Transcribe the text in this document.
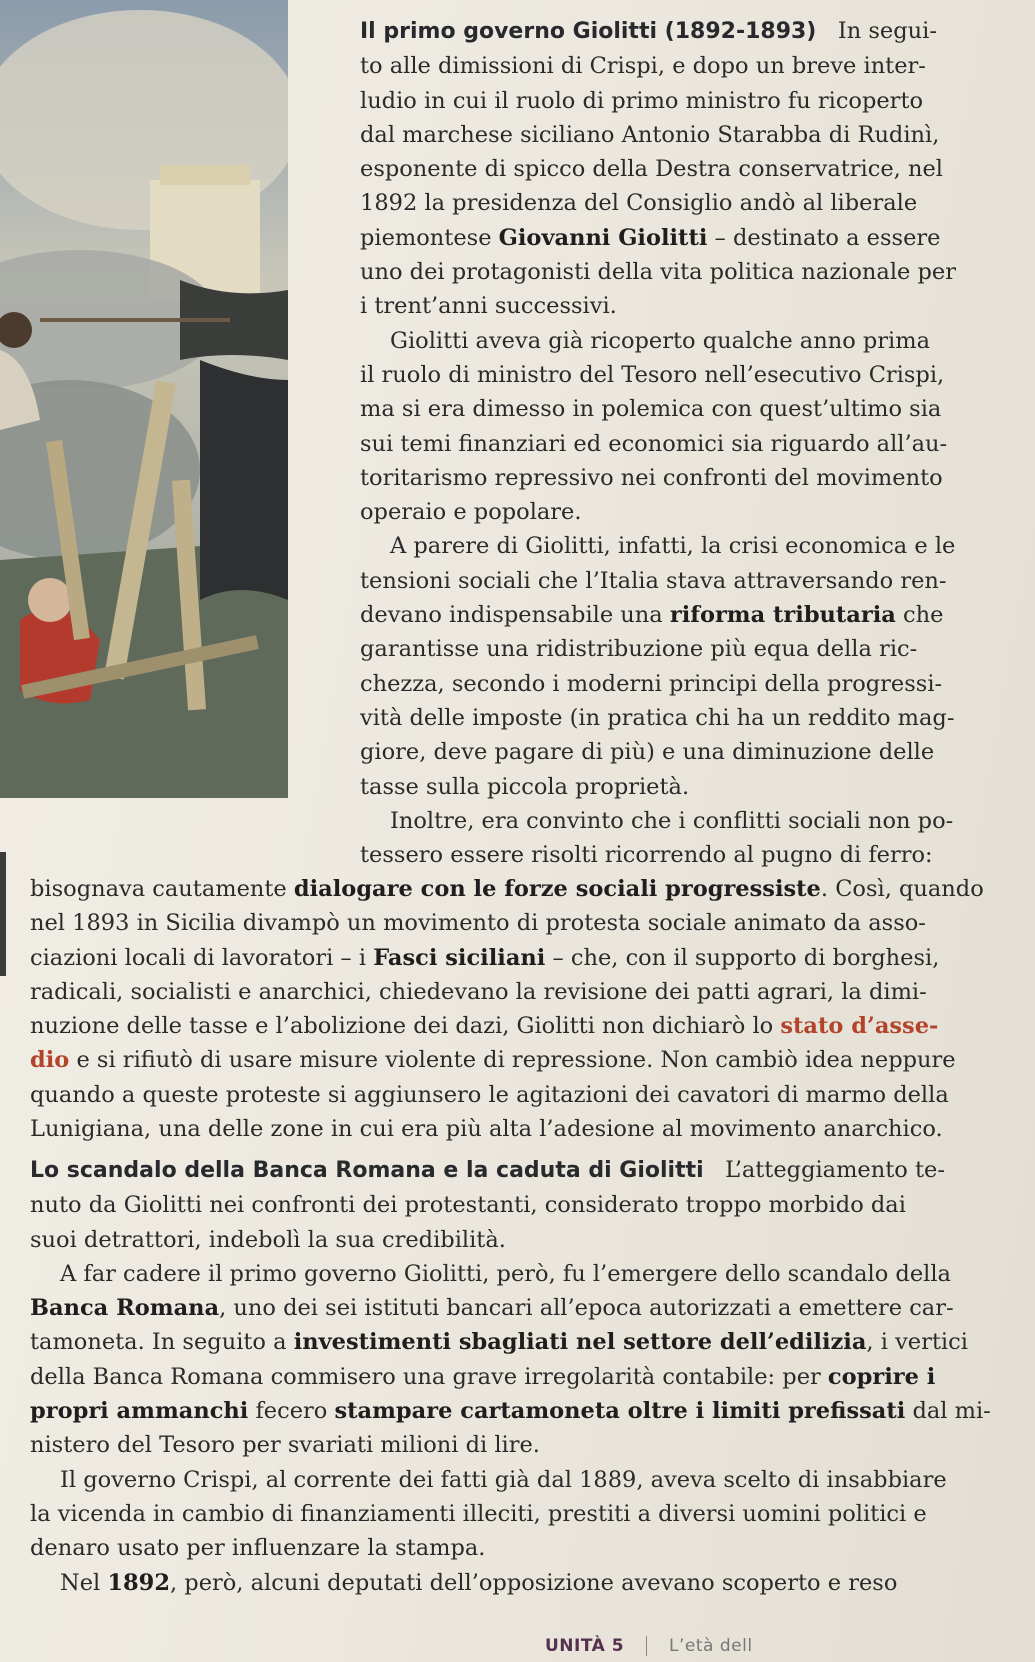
Il primo governo Giolitti (1892-1893) In segui-
to alle dimissioni di Crispi, e dopo un breve inter-
ludio in cui il ruolo di primo ministro fu ricoperto
dal marchese siciliano Antonio Starabba di Rudinì,
esponente di spicco della Destra conservatrice, nel
1892 la presidenza del Consiglio andò al liberale
piemontese Giovanni Giolitti – destinato a essere
uno dei protagonisti della vita politica nazionale per
i trent’anni successivi.
Giolitti aveva già ricoperto qualche anno prima
il ruolo di ministro del Tesoro nell’esecutivo Crispi,
ma si era dimesso in polemica con quest’ultimo sia
sui temi finanziari ed economici sia riguardo all’au-
toritarismo repressivo nei confronti del movimento
operaio e popolare.
A parere di Giolitti, infatti, la crisi economica e le
tensioni sociali che l’Italia stava attraversando ren-
devano indispensabile una riforma tributaria che
garantisse una ridistribuzione più equa della ric-
chezza, secondo i moderni principi della progressi-
vità delle imposte (in pratica chi ha un reddito mag-
giore, deve pagare di più) e una diminuzione delle
tasse sulla piccola proprietà.
Inoltre, era convinto che i conflitti sociali non po-
tessero essere risolti ricorrendo al pugno di ferro:

bisognava cautamente dialogare con le forze sociali progressiste. Così, quando
nel 1893 in Sicilia divampò un movimento di protesta sociale animato da asso-
ciazioni locali di lavoratori – i Fasci siciliani – che, con il supporto di borghesi,
radicali, socialisti e anarchici, chiedevano la revisione dei patti agrari, la dimi-
nuzione delle tasse e l’abolizione dei dazi, Giolitti non dichiarò lo stato d’asse-
dio e si rifiutò di usare misure violente di repressione. Non cambiò idea neppure
quando a queste proteste si aggiunsero le agitazioni dei cavatori di marmo della
Lunigiana, una delle zone in cui era più alta l’adesione al movimento anarchico.

Lo scandalo della Banca Romana e la caduta di Giolitti L’atteggiamento te-
nuto da Giolitti nei confronti dei protestanti, considerato troppo morbido dai
suoi detrattori, indebolì la sua credibilità.
A far cadere il primo governo Giolitti, però, fu l’emergere dello scandalo della
Banca Romana, uno dei sei istituti bancari all’epoca autorizzati a emettere car-
tamoneta. In seguito a investimenti sbagliati nel settore dell’edilizia, i vertici
della Banca Romana commisero una grave irregolarità contabile: per coprire i
propri ammanchi fecero stampare cartamoneta oltre i limiti prefissati dal mi-
nistero del Tesoro per svariati milioni di lire.
Il governo Crispi, al corrente dei fatti già dal 1889, aveva scelto di insabbiare
la vicenda in cambio di finanziamenti illeciti, prestiti a diversi uomini politici e
denaro usato per influenzare la stampa.
Nel 1892, però, alcuni deputati dell’opposizione avevano scoperto e reso

UNITÀ 5	L’età dell
